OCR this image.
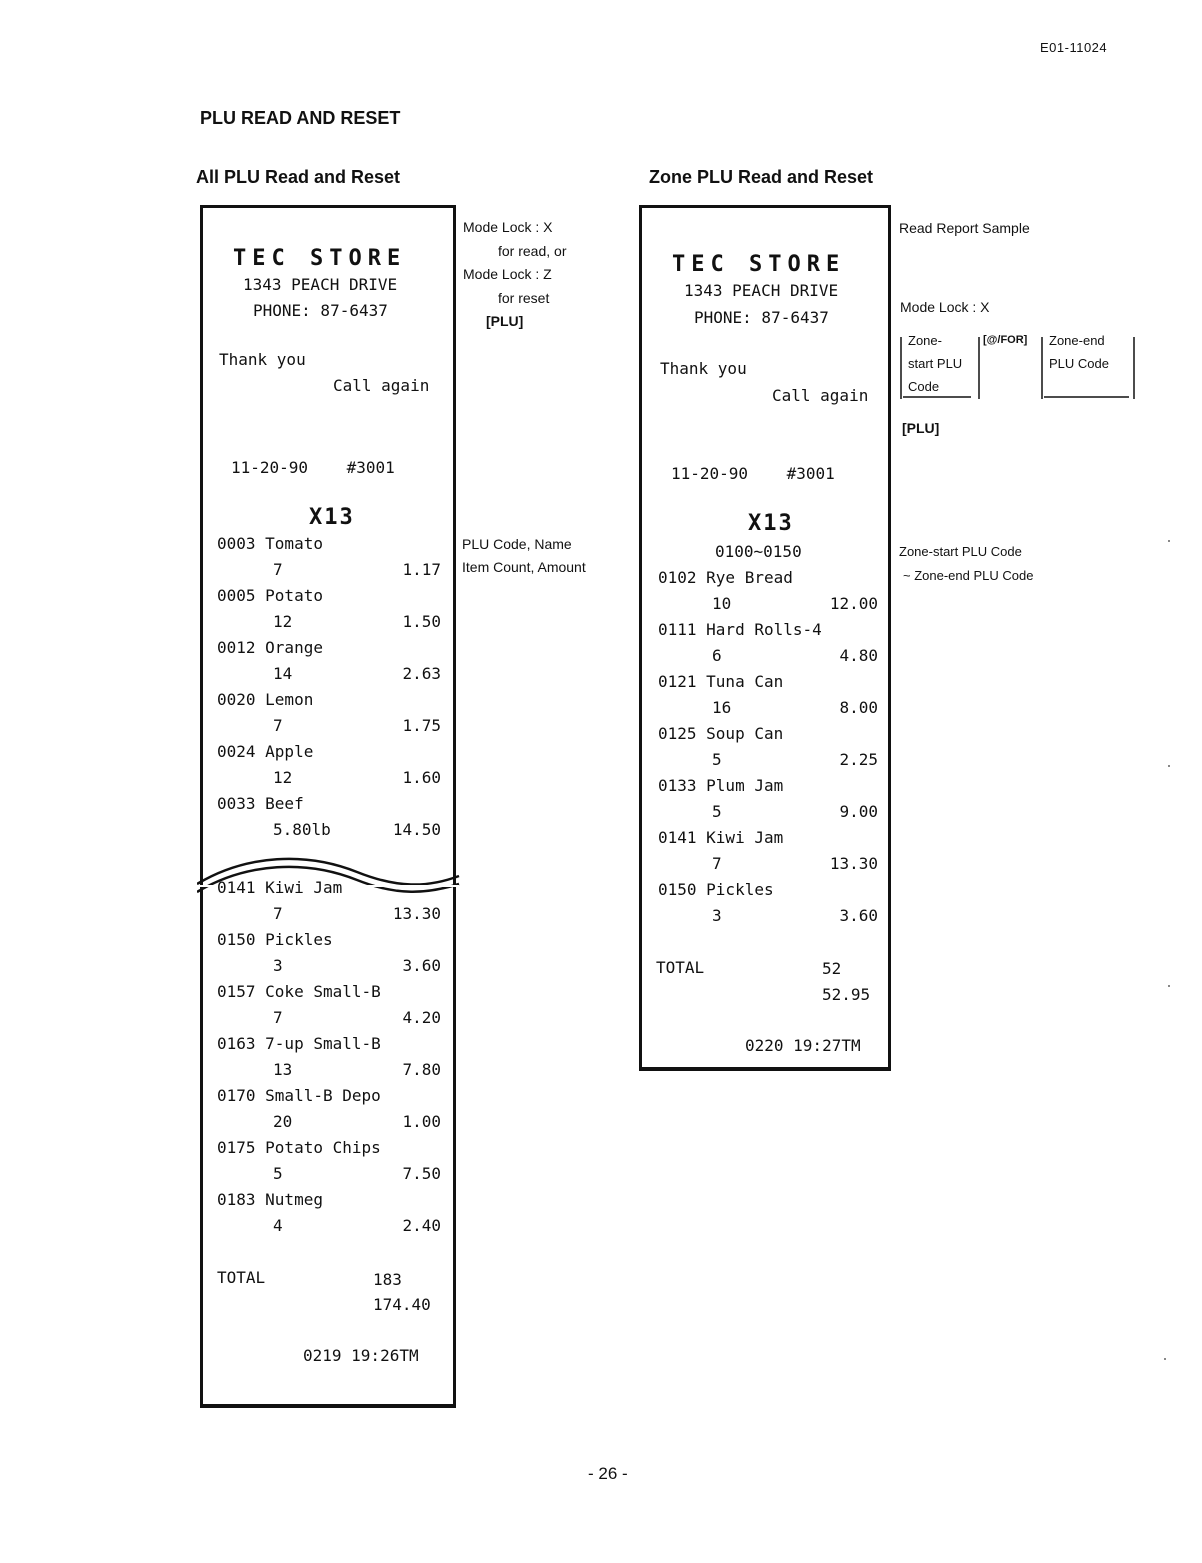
E01-11024
PLU READ AND RESET
All PLU Read and Reset
TEC STORE
1343 PEACH DRIVE
PHONE: 87-6437
Thank you
Call again
11-20-90    #3001
X13
0003 Tomato
7	1.17
0005 Potato
12	1.50
0012 Orange
14	2.63
0020 Lemon
7	1.75
0024 Apple
12	1.60
0033 Beef
5.80lb	14.50
0141 Kiwi Jam
7	13.30
0150 Pickles
3	3.60
0157 Coke Small-B
7	4.20
0163 7-up Small-B
13	7.80
0170 Small-B Depo
20	1.00
0175 Potato Chips
5	7.50
0183 Nutmeg
4	2.40
TOTAL	183
174.40
0219 19:26TM
Mode Lock : X
for read, or
Mode Lock : Z
for reset
[PLU]
PLU Code, Name
Item Count, Amount
Zone PLU Read and Reset
TEC STORE
1343 PEACH DRIVE
PHONE: 87-6437
Thank you
Call again
11-20-90    #3001
X13
0100~0150
0102 Rye Bread
10	12.00
0111 Hard Rolls-4
6	4.80
0121 Tuna Can
16	8.00
0125 Soup Can
5	2.25
0133 Plum Jam
5	9.00
0141 Kiwi Jam
7	13.30
0150 Pickles
3	3.60
TOTAL	52
52.95
0220 19:27TM
Read Report Sample
Mode Lock : X
Zone-
start PLU
Code
[@/FOR] Zone-end
PLU Code
[PLU]
Zone-start PLU Code
~ Zone-end PLU Code
- 26 -
